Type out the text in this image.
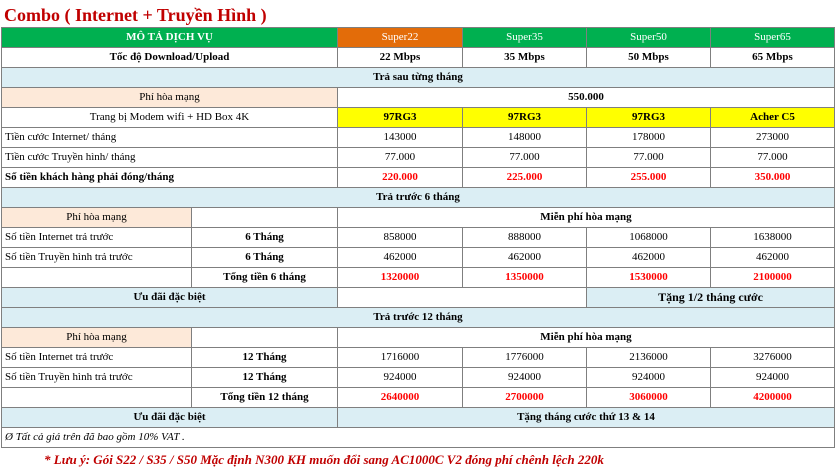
Combo ( Internet + Truyền Hình )
MÔ TẢ DỊCH VỤ		Super22	Super35	Super50	Super65
Tốc độ Download/Upload		22 Mbps	35 Mbps	50 Mbps	65 Mbps
Trả sau từng tháng					
Phí hòa mạng		550.000			
Trang bị Modem wifi + HD Box 4K		97RG3	97RG3	97RG3	Acher C5
Tiền cước Internet/ tháng		143000	148000	178000	273000
Tiền cước Truyền hình/ tháng		77.000	77.000	77.000	77.000
Số tiền khách hàng phải đóng/tháng		220.000	225.000	255.000	350.000
Trả trước 6 tháng					
Phí hòa mạng		Miễn phí hòa mạng			
Số tiền Internet trả trước	6 Tháng	858000	888000	1068000	1638000
Số tiền Truyền hình trả trước	6 Tháng	462000	462000	462000	462000
	Tổng tiền 6 tháng	1320000	1350000	1530000	2100000
Ưu đãi đặc biệt				Tặng 1/2 tháng cước	
Trả trước 12 tháng					
Phí hòa mạng		Miễn phí hòa mạng			
Số tiền Internet trả trước	12 Tháng	1716000	1776000	2136000	3276000
Số tiền Truyền hình trả trước	12 Tháng	924000	924000	924000	924000
	Tổng tiền 12 tháng	2640000	2700000	3060000	4200000
Ưu đãi đặc biệt		Tặng tháng cước thứ 13 & 14			
Ø Tất cả giá trên đã bao gồm 10% VAT .					
* Lưu ý: Gói S22 / S35 / S50 Mặc định N300 KH muốn đổi sang AC1000C V2 đóng phí chênh lệch 220k
